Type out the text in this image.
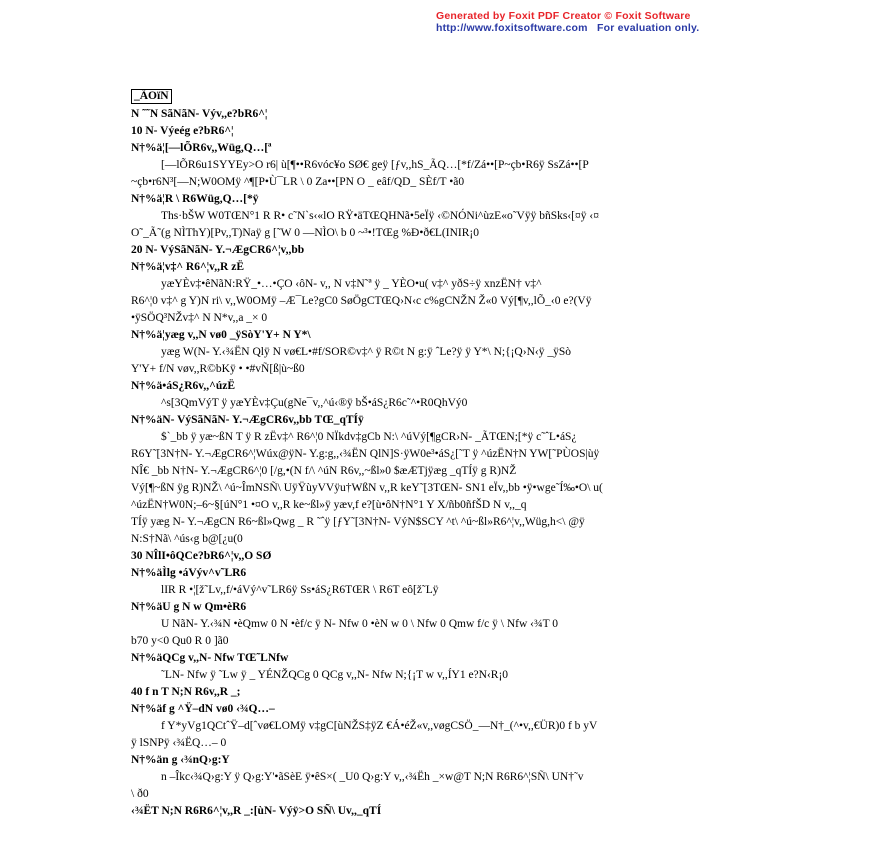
Generated by Foxit PDF Creator © Foxit Software
http://www.foxitsoftware.com   For evaluation only.
_ÃOïN
N ˜˜N SãNãN- Výv,,e?bR6^¦
10 N- Výeég e?bR6^¦
N†%ä¦[—lÕR6v,,Wüg,Q…[ª
[—lÕR6u1SYYEy>O r6| ù[¶••R6vóc¥o SØ€ geÿ [ƒv,,hS_ÃQ…[*f/Zá••[P~çb•R6ÿ SsZá••[P
~çb•r6N³[—N;W0OMÿ ^¶[P•Ù¯LR \ 0 Za••[PN O _ eâf/QD_ SÈf/T •ã0
N†%ä¦R \ R6Wüg,Q…[*ÿ
Ths·bŠW W0TŒN°1 R R• c˜N`s‹«lO RŸ•äTŒQHNã•5eÏÿ ‹©NÓNi^ùzE«o˜Vÿÿ bñSks‹[¤ÿ ‹¤
O˜_Ã˜(g NÌThY)[Pv,,T)Naÿ g [˜W 0 —NÌO\ b 0 ~³•!TŒg %Ð•ð€L(INIR¡0
20 N- VýSãNãN- Y.¬ÆgCR6^¦v,,bb
N†%ä¦v‡^ R6^¦v,,R zË
yæYÈv‡•êNãN:RŸ_•…•ÇO ‹ôN- v,, N v‡N˜ª ÿ _ YÈO•u( v‡^ yðS÷ÿ xnzËN† v‡^
R6^¦0 v‡^ g Y)N ri\ v,,W0OMÿ –Æ¯Le?gC0 SøÖgCTŒQ›N‹c c%gCNŽN Ž«0 Vý[¶v,,lÕ_‹0 e?(Vÿ
•ÿSÖQ³NŽv‡^ N N*v,,a _× 0
N†%ä¦yæg v,,N vø0 _ÿSòY'Y+ N Y*\
yæg W(N- Y.‹¾ËN Qlÿ N vø€L•#f/SOR©v‡^ ÿ R©t N g:ÿ ˆLe?ÿ ÿ Y*\ N;{¡Q›N‹ÿ _ÿSò
Y'Y+ f/N vøv,,R©bKÿ • •#vÑ[ß|ù~ß0
N†%ä•áS¿R6v,,^úzË
^s[3QmVýT ÿ yæYÈv‡Çu(gNe¯v,,^ú‹®ÿ bŠ•áS¿R6c˜^•R0QhVý0
N†%äN- VýSãNãN- Y.¬ÆgCR6v,,bb TŒ_qTÍÿ
$`_bb ÿ yæ~ßN T ÿ R zËv‡^ R6^¦0 NÏkdv‡gCb N:\ ^úVý[¶gCR›N- _ÃTŒN;[*ÿ c˜ˆL•áS¿
R6Y˜[3N†N- Y.¬ÆgCR6^¦Wúx@ÿN- Y.g:g,,‹¾ËN QlN]S·ÿW0e³•áS¿[˜T ÿ ^úzËN†N YW[˜PÙOS|ùÿ
NÎ€ _bb N†N- Y.¬ÆgCR6^¦0 [/g,•(N f/\ ^úN R6v,,~ßl»0 $æÆTjÿæg _qTÍÿ g R)NŽ
Vý[¶~ßN ÿg R)NŽ\ ^ú~ÎmNSÑ\ UÿŸùyVVÿu†WßN v,,R keY˜[3TŒN- SN1 eÏv,,bb •ÿ•wge˜Í‰•O\ u(
^úzËN†W0N;–6~§[úN°1 •¤O v,,R ke~ßl»ÿ yæv,f e?[ù•ôN†N°1 Y X/ñb0ñfŠD N v,,_q
TÍÿ yæg N- Y.¬ÆgCN R6~ßl»Qwg _ R ˜ˆÿ [ƒY˜[3N†N- VýN$SCY ^t\ ^ú~ßl»R6^¦v,,Wüg,h<\ @ÿ
N:S†Nã\ ^ús‹g b@[¿u(0
30 NÎlI•ôQCe?bR6^¦v,,O SØ
N†%äÌlg •áVýv^v˜LR6
lIR R •¦[ž˜Lv,,f/•áVý^v˜LR6ÿ Ss•áS¿R6TŒR \ R6T eô[ž˜Lÿ
N†%äU g N w Qm•èR6
U NãN- Y.‹¾N •èQmw 0 N •èf/c ÿ N- Nfw 0 •èN w 0 \ Nfw 0 Qmw f/c ÿ \ Nfw ‹¾T 0
b70 y<0 Qu0 R 0 ]ã0
N†%äQCg v,,N- Nfw TŒ˜LNfw
˜LN- Nfw ÿ ˜Lw ÿ _ YÉNŽQCg 0 QCg v,,N- Nfw N;{¡T w v,,ÍY1 e?N‹R¡0
40 f n T N;N R6v,,R _;
N†%äf g ^Ÿ–dN vø0 ‹¾Q…–
f Y*yVg1QCtˆŸ–d[ˆvø€LOMÿ v‡gC[ùNŽS‡ÿZ €Á•éŽ«v,,vøgCSÖ_—N†_(^•v,,€ÜR)0 f b yV
ÿ lSNPÿ ‹¾ËQ…– 0
N†%än g ‹¾nQ›g:Y
n –Îkc‹¾Q›g:Y ÿ Q›g:Y'•ãSèE ÿ•êS×( _U0 Q›g:Y v,,‹¾Ëh _×w@T N;N R6R6^¦SÑ\ UN†˜v
\ ð0
‹¾ËT N;N R6R6^¦v,,R _:[ùN- Výÿ>O SÑ\ Uv,,_qTÍ
